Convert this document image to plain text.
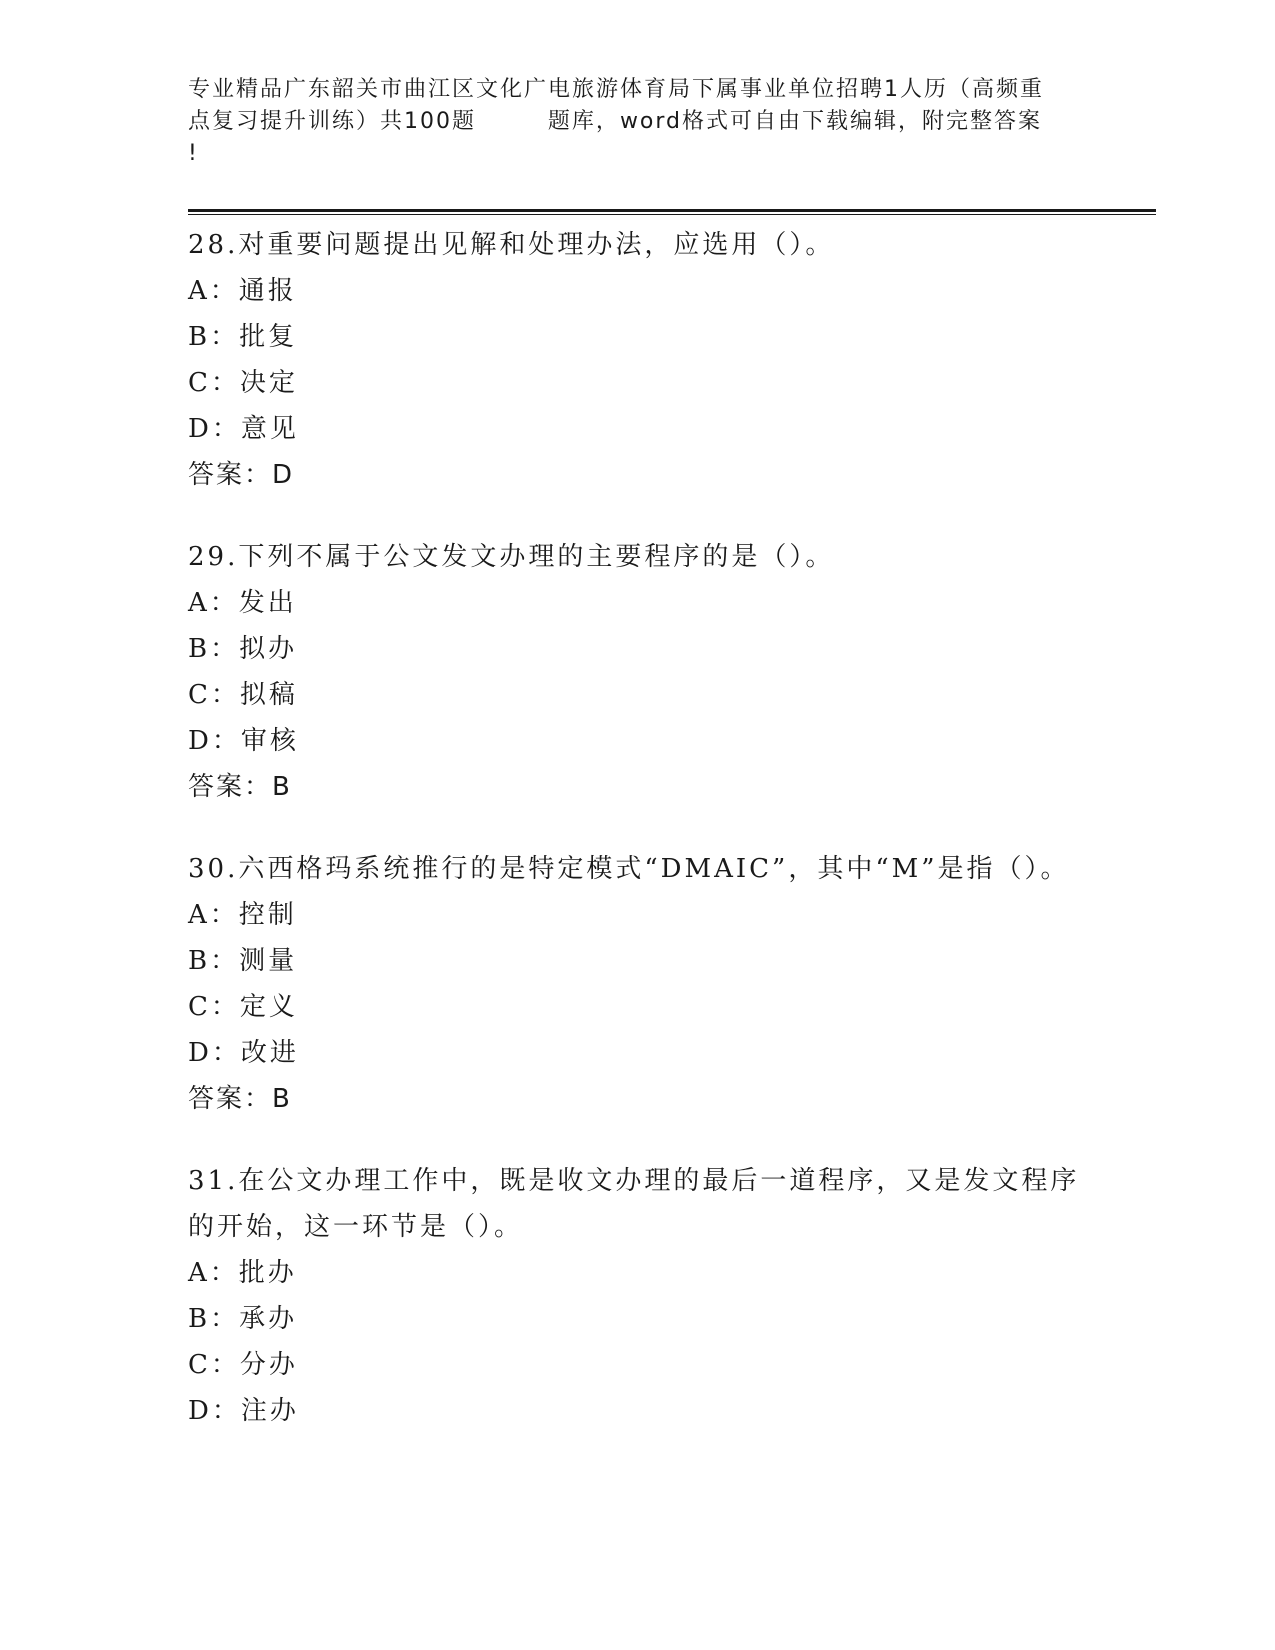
专业精品广东韶关市曲江区文化广电旅游体育局下属事业单位招聘1人历（高频重
点复习提升训练）共100题        题库，word格式可自由下载编辑，附完整答案
!
28.对重要问题提出见解和处理办法，应选用（）。
A：通报
B：批复
C：决定
D：意见
答案：D
29.下列不属于公文发文办理的主要程序的是（）。
A：发出
B：拟办
C：拟稿
D：审核
答案：B
30.六西格玛系统推行的是特定模式“DMAIC”，其中“M”是指（）。
A：控制
B：测量
C：定义
D：改进
答案：B
31.在公文办理工作中，既是收文办理的最后一道程序，又是发文程序
的开始，这一环节是（）。
A：批办
B：承办
C：分办
D：注办
